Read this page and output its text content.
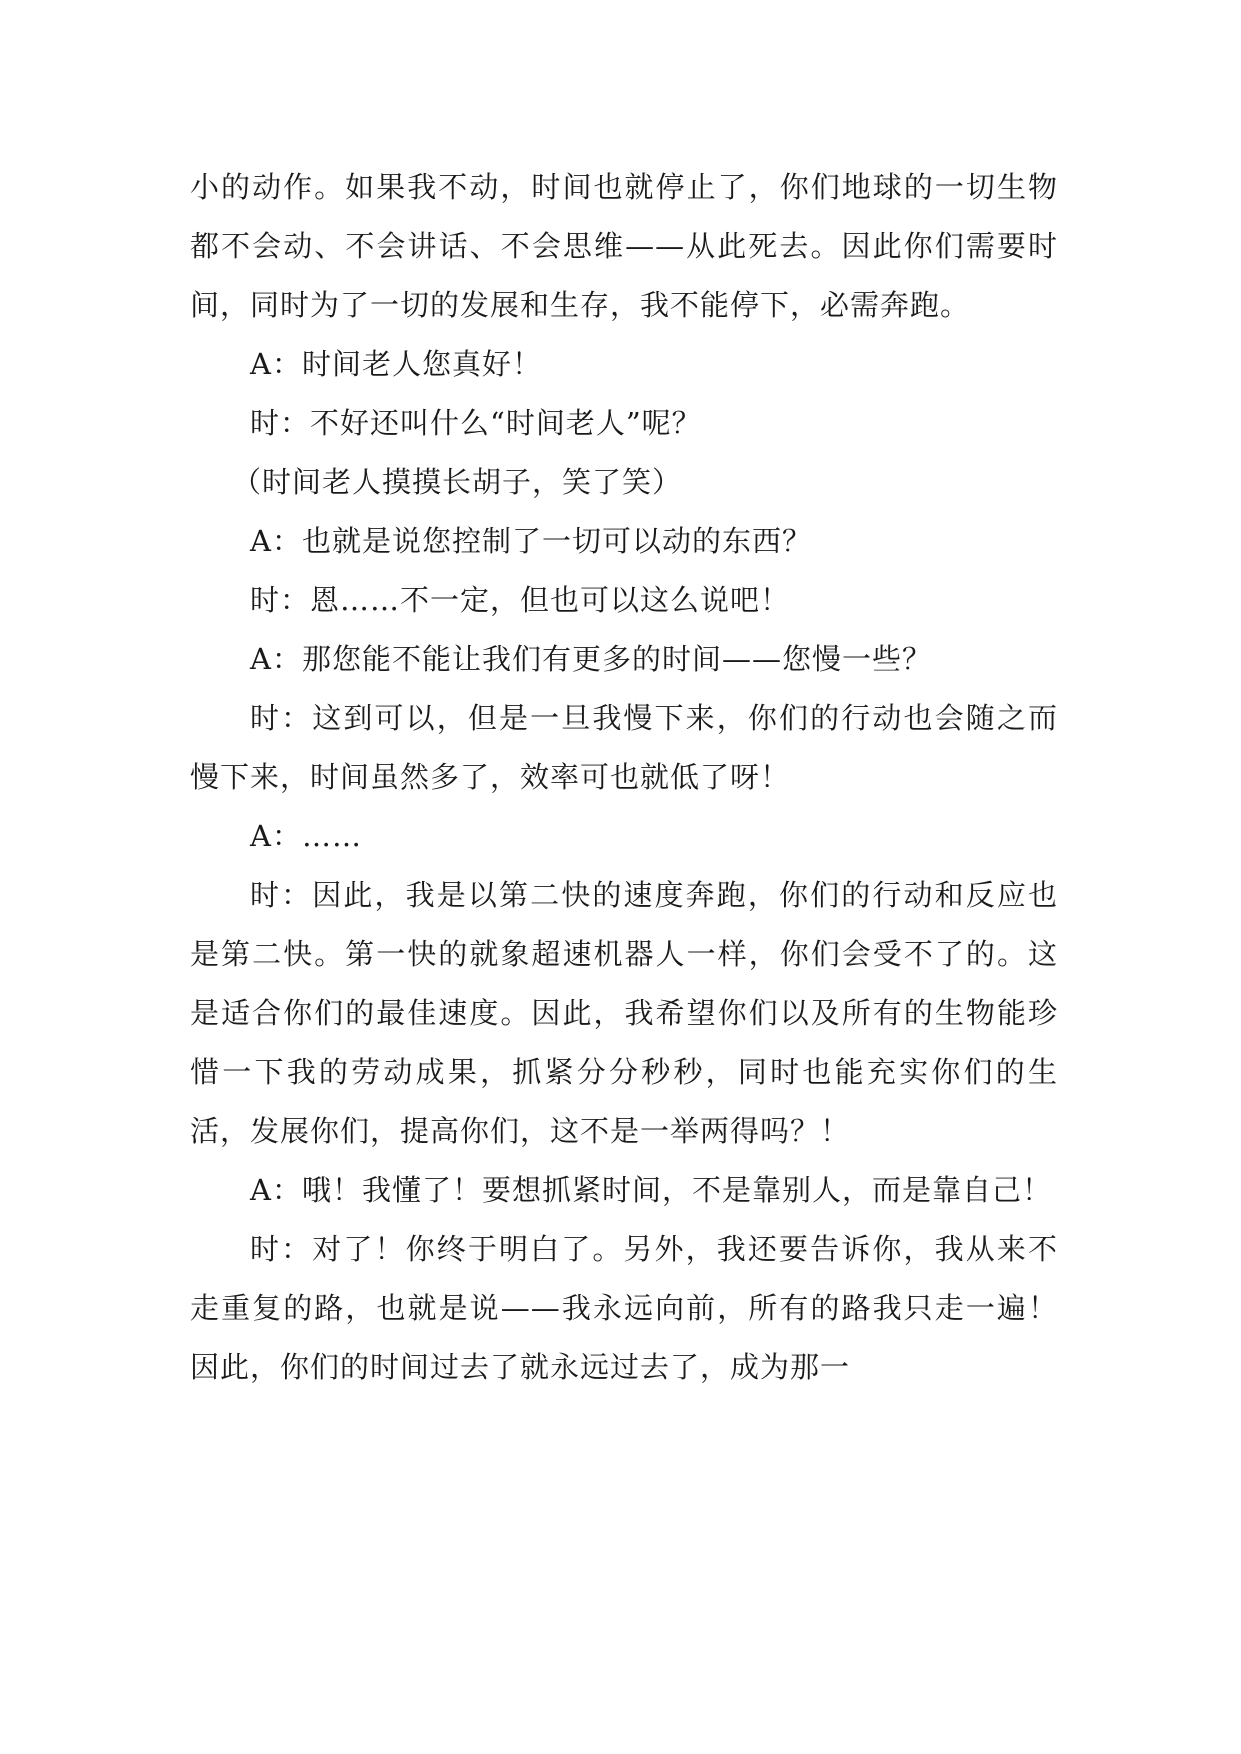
小的动作。如果我不动，时间也就停止了，你们地球的一切生物都不会动、不会讲话、不会思维——从此死去。因此你们需要时间，同时为了一切的发展和生存，我不能停下，必需奔跑。

A：时间老人您真好！

时：不好还叫什么“时间老人”呢？

（时间老人摸摸长胡子，笑了笑）

A：也就是说您控制了一切可以动的东西？

时：恩……不一定，但也可以这么说吧！

A：那您能不能让我们有更多的时间——您慢一些？

时：这到可以，但是一旦我慢下来，你们的行动也会随之而慢下来，时间虽然多了，效率可也就低了呀！

A：……

时：因此，我是以第二快的速度奔跑，你们的行动和反应也是第二快。第一快的就象超速机器人一样，你们会受不了的。这是适合你们的最佳速度。因此，我希望你们以及所有的生物能珍惜一下我的劳动成果，抓紧分分秒秒，同时也能充实你们的生活，发展你们，提高你们，这不是一举两得吗？！

A：哦！我懂了！要想抓紧时间，不是靠别人，而是靠自己！

时：对了！你终于明白了。另外，我还要告诉你，我从来不走重复的路，也就是说——我永远向前，所有的路我只走一遍！因此，你们的时间过去了就永远过去了，成为那一
